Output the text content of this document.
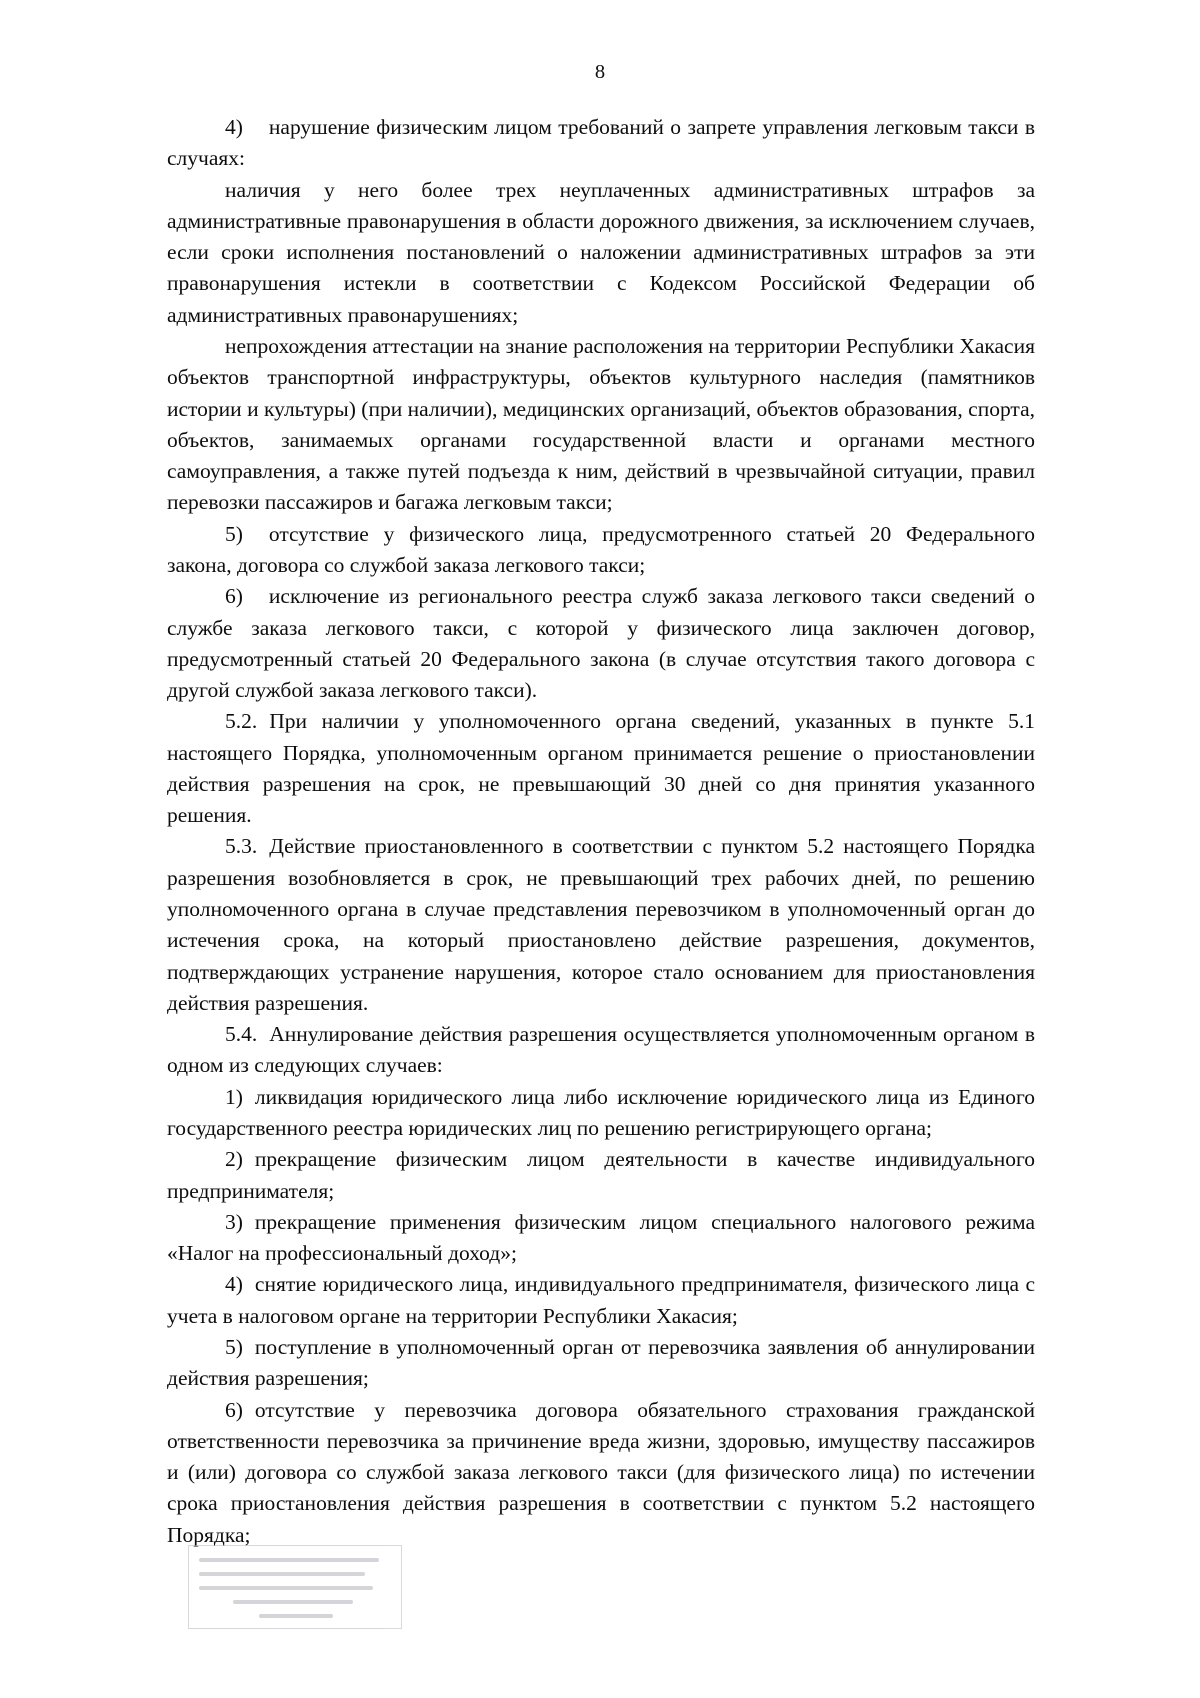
8

4) нарушение физическим лицом требований о запрете управления легковым такси в случаях:

наличия у него более трех неуплаченных административных штрафов за административные правонарушения в области дорожного движения, за исключением случаев, если сроки исполнения постановлений о наложении административных штрафов за эти правонарушения истекли в соответствии с Кодексом Российской Федерации об административных правонарушениях;

непрохождения аттестации на знание расположения на территории Республики Хакасия объектов транспортной инфраструктуры, объектов культурного наследия (памятников истории и культуры) (при наличии), медицинских организаций, объектов образования, спорта, объектов, занимаемых органами государственной власти и органами местного самоуправления, а также путей подъезда к ним, действий в чрезвычайной ситуации, правил перевозки пассажиров и багажа легковым такси;

5) отсутствие у физического лица, предусмотренного статьей 20 Федерального закона, договора со службой заказа легкового такси;

6) исключение из регионального реестра служб заказа легкового такси сведений о службе заказа легкового такси, с которой у физического лица заключен договор, предусмотренный статьей 20 Федерального закона (в случае отсутствия такого договора с другой службой заказа легкового такси).

5.2. При наличии у уполномоченного органа сведений, указанных в пункте 5.1 настоящего Порядка, уполномоченным органом принимается решение о приостановлении действия разрешения на срок, не превышающий 30 дней со дня принятия указанного решения.

5.3. Действие приостановленного в соответствии с пунктом 5.2 настоящего Порядка разрешения возобновляется в срок, не превышающий трех рабочих дней, по решению уполномоченного органа в случае представления перевозчиком в уполномоченный орган до истечения срока, на который приостановлено действие разрешения, документов, подтверждающих устранение нарушения, которое стало основанием для приостановления действия разрешения.

5.4. Аннулирование действия разрешения осуществляется уполномоченным органом в одном из следующих случаев:

1) ликвидация юридического лица либо исключение юридического лица из Единого государственного реестра юридических лиц по решению регистрирующего органа;

2) прекращение физическим лицом деятельности в качестве индивидуального предпринимателя;

3) прекращение применения физическим лицом специального налогового режима «Налог на профессиональный доход»;

4) снятие юридического лица, индивидуального предпринимателя, физического лица с учета в налоговом органе на территории Республики Хакасия;

5) поступление в уполномоченный орган от перевозчика заявления об аннулировании действия разрешения;

6) отсутствие у перевозчика договора обязательного страхования гражданской ответственности перевозчика за причинение вреда жизни, здоровью, имуществу пассажиров и (или) договора со службой заказа легкового такси (для физического лица) по истечении срока приостановления действия разрешения в соответствии с пунктом 5.2 настоящего Порядка;
